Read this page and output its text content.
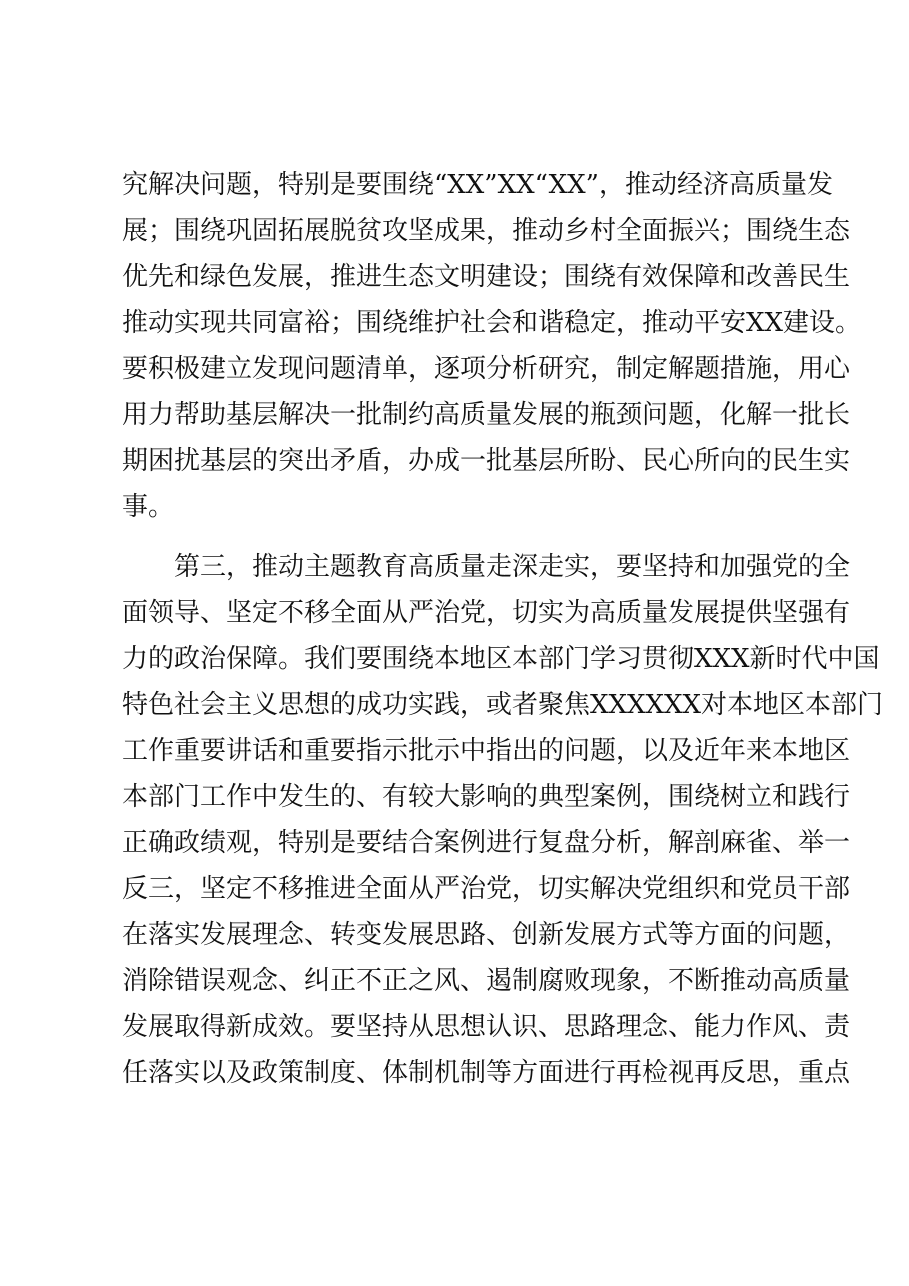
究解决问题，特别是要围绕“XX”XX“XX”，推动经济高质量发
展；围绕巩固拓展脱贫攻坚成果，推动乡村全面振兴；围绕生态
优先和绿色发展，推进生态文明建设；围绕有效保障和改善民生
推动实现共同富裕；围绕维护社会和谐稳定，推动平安XX建设。
要积极建立发现问题清单，逐项分析研究，制定解题措施，用心
用力帮助基层解决一批制约高质量发展的瓶颈问题，化解一批长
期困扰基层的突出矛盾，办成一批基层所盼、民心所向的民生实
事。
第三，推动主题教育高质量走深走实，要坚持和加强党的全
面领导、坚定不移全面从严治党，切实为高质量发展提供坚强有
力的政治保障。我们要围绕本地区本部门学习贯彻XXX新时代中国
特色社会主义思想的成功实践，或者聚焦XXXXXX对本地区本部门
工作重要讲话和重要指示批示中指出的问题，以及近年来本地区
本部门工作中发生的、有较大影响的典型案例，围绕树立和践行
正确政绩观，特别是要结合案例进行复盘分析，解剖麻雀、举一
反三，坚定不移推进全面从严治党，切实解决党组织和党员干部
在落实发展理念、转变发展思路、创新发展方式等方面的问题，
消除错误观念、纠正不正之风、遏制腐败现象，不断推动高质量
发展取得新成效。要坚持从思想认识、思路理念、能力作风、责
任落实以及政策制度、体制机制等方面进行再检视再反思，重点
